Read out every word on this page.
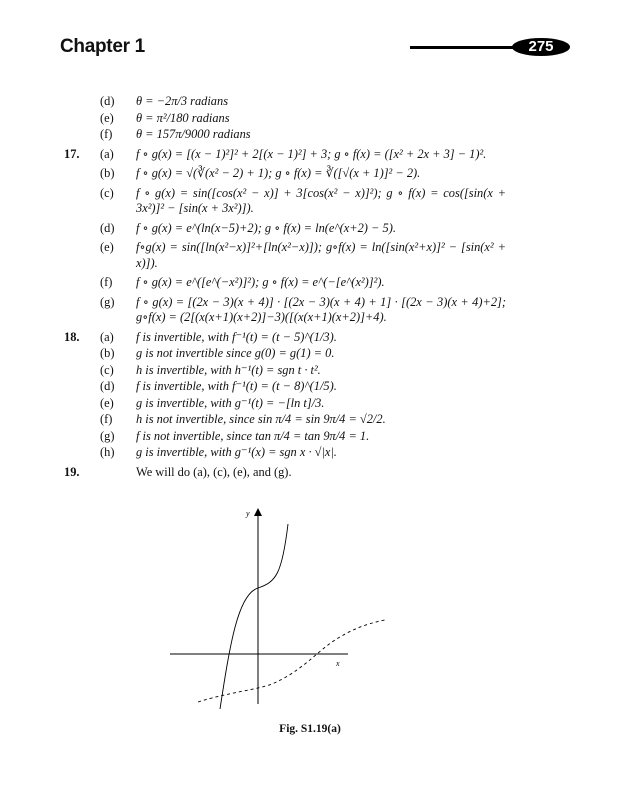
Chapter 1	275
(d)	θ = −2π/3 radians
(e)	θ = π²/180 radians
(f)	θ = 157π/9000 radians
17.	(a)	f ∘ g(x) = [(x − 1)²]² + 2[(x − 1)²] + 3; g ∘ f(x) = ([x² + 2x + 3] − 1)².
(b)	f ∘ g(x) = √(∛(x² − 2) + 1); g ∘ f(x) = ∛([√(x + 1)]² − 2).
(c)	f ∘ g(x) = sin([cos(x² − x)] + 3[cos(x² − x)]²); g ∘ f(x) = cos([sin(x + 3x²)]² − [sin(x + 3x²)]).
(d)	f ∘ g(x) = e^(ln(x−5)+2); g ∘ f(x) = ln(e^(x+2) − 5).
(e)	f∘g(x) = sin([ln(x²−x)]²+[ln(x²−x)]); g∘f(x) = ln([sin(x²+x)]² − [sin(x² + x)]).
(f)	f ∘ g(x) = e^([e^(−x²)]²); g ∘ f(x) = e^(−[e^(x²)]²).
(g)	f ∘ g(x) = [(2x − 3)(x + 4)] · [(2x − 3)(x + 4) + 1] · [(2x − 3)(x + 4)+2]; g∘f(x) = (2[(x(x+1)(x+2)]−3)([(x(x+1)(x+2)]+4).
18.	(a)	f is invertible, with f⁻¹(t) = (t − 5)^(1/3).
(b)	g is not invertible since g(0) = g(1) = 0.
(c)	h is invertible, with h⁻¹(t) = sgn t · t².
(d)	f is invertible, with f⁻¹(t) = (t − 8)^(1/5).
(e)	g is invertible, with g⁻¹(t) = −[ln t]/3.
(f)	h is not invertible, since sin π/4 = sin 9π/4 = √2/2.
(g)	f is not invertible, since tan π/4 = tan 9π/4 = 1.
(h)	g is invertible, with g⁻¹(x) = sgn x · √|x|.
19.	We will do (a), (c), (e), and (g).
x
y
Fig. S1.19(a)
